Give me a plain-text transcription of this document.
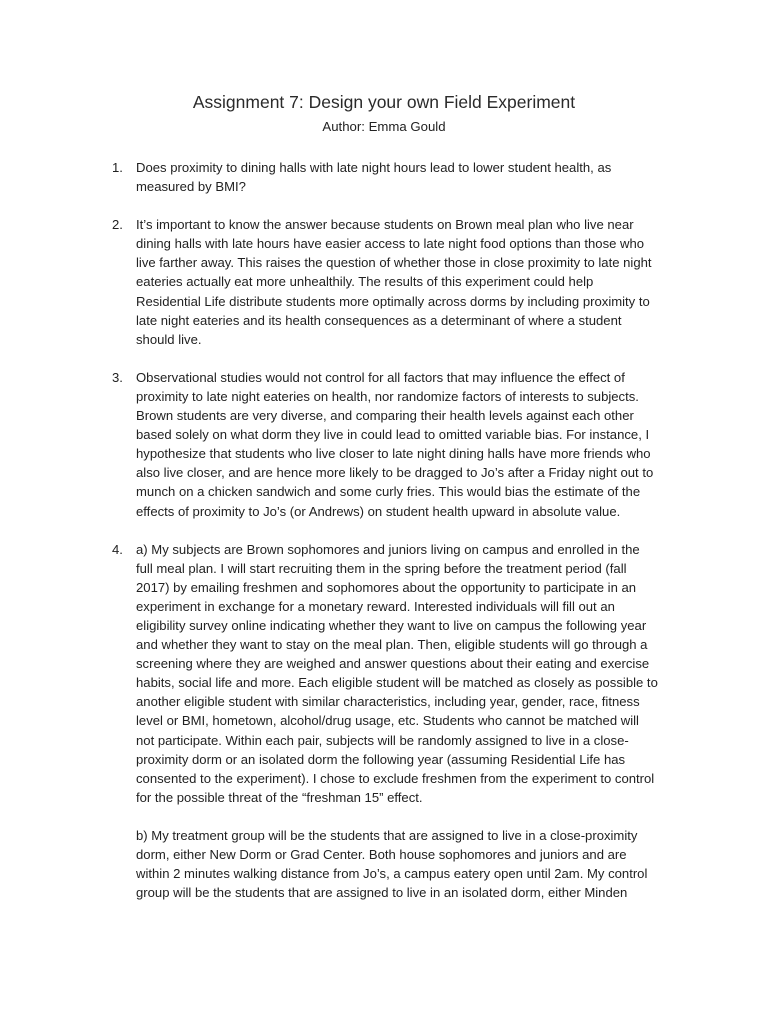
Assignment 7: Design your own Field Experiment
Author: Emma Gould
1. Does proximity to dining halls with late night hours lead to lower student health, as measured by BMI?

2. It’s important to know the answer because students on Brown meal plan who live near dining halls with late hours have easier access to late night food options than those who live farther away. This raises the question of whether those in close proximity to late night eateries actually eat more unhealthily. The results of this experiment could help Residential Life distribute students more optimally across dorms by including proximity to late night eateries and its health consequences as a determinant of where a student should live.

3. Observational studies would not control for all factors that may influence the effect of proximity to late night eateries on health, nor randomize factors of interests to subjects. Brown students are very diverse, and comparing their health levels against each other based solely on what dorm they live in could lead to omitted variable bias. For instance, I hypothesize that students who live closer to late night dining halls have more friends who also live closer, and are hence more likely to be dragged to Jo’s after a Friday night out to munch on a chicken sandwich and some curly fries. This would bias the estimate of the effects of proximity to Jo’s (or Andrews) on student health upward in absolute value.

4. a) My subjects are Brown sophomores and juniors living on campus and enrolled in the full meal plan. I will start recruiting them in the spring before the treatment period (fall 2017) by emailing freshmen and sophomores about the opportunity to participate in an experiment in exchange for a monetary reward. Interested individuals will fill out an eligibility survey online indicating whether they want to live on campus the following year and whether they want to stay on the meal plan. Then, eligible students will go through a screening where they are weighed and answer questions about their eating and exercise habits, social life and more. Each eligible student will be matched as closely as possible to another eligible student with similar characteristics, including year, gender, race, fitness level or BMI, hometown, alcohol/drug usage, etc. Students who cannot be matched will not participate. Within each pair, subjects will be randomly assigned to live in a close-proximity dorm or an isolated dorm the following year (assuming Residential Life has consented to the experiment). I chose to exclude freshmen from the experiment to control for the possible threat of the “freshman 15” effect.

b) My treatment group will be the students that are assigned to live in a close-proximity dorm, either New Dorm or Grad Center. Both house sophomores and juniors and are within 2 minutes walking distance from Jo’s, a campus eatery open until 2am. My control group will be the students that are assigned to live in an isolated dorm, either Minden
